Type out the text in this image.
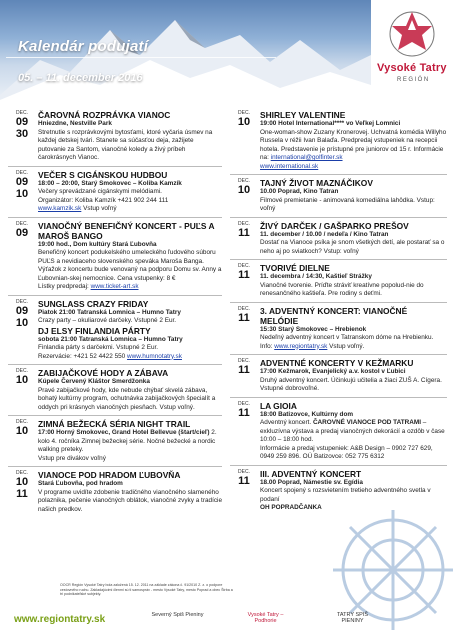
Kalendár podujatí
05. – 11. december 2016
Vysoké Tatry
REGIÓN
DEC.
09
30
ČAROVNÁ ROZPRÁVKA VIANOC
Hniezdne, Nestville Park
Stretnutie s rozprávkovými bytosťami, ktoré vyčaria úsmev na každej detskej tvári. Stanete sa súčasťou deja, zažijete putovanie za Santom, vianočné koledy a živý príbeh čarokrásnych Vianoc.
DEC.
09
10
VEČER S CIGÁNSKOU HUDBOU
18:00 – 20:00, Starý Smokovec – Koliba Kamzík
Večery sprevádzané cigánskymi melódiami.
Organizátor: Koliba Kamzík +421 902 244 111
www.kamzik.sk Vstup voľný
DEC.
09
VIANOČNÝ BENEFIČNÝ KONCERT - PUĽS A MAROŠ BANGO
19:00 hod., Dom kultúry Stará Ľubovňa
Benefičný koncert podukelského umeleckého ľudového súboru PUĽS a nevidiaceho slovenského speváka Maroša Banga. Výťažok z koncertu bude venovaný na podporu Domu sv. Anny a Ľubovnian-skej nemocnice. Cena vstupenky: 8 €
Lístky predpredaj: www.ticket-art.sk
DEC.
09
10
SUNGLASS CRAZY FRIDAY
Piatok 21:00 Tatranská Lomnica – Humno Tatry
Crazy party – okuliarové darčeky. Vstupné 2 Eur.
DJ ELSY FINLANDIA PÁRTY
sobota 21:00 Tatranská Lomnica – Humno Tatry
Finlandia párty s darčekmi. Vstupné 2 Eur.
Rezervácie: +421 52 4422 550 www.humnotatry.sk
DEC.
10
ZABIJAČKOVÉ HODY A ZÁBAVA
Kúpele Červený Kláštor Smerdžonka
Pravé zabijačkové hody, kde nebude chýbať skvelá zábava, bohatý kultúrny program, ochutnávka zabijačkových špecialít a oddych pri krásnych vianočných piesňach. Vstup voľný.
DEC.
10
ZIMNÁ BEŽECKÁ SÉRIA NIGHT TRAIL
17:00 Horný Smokovec, Grand Hotel Bellevue (štart/cieľ) 2. kolo 4. ročníka Zimnej bežeckej série. Nočné bežecké a nordic walking preteky.
Vstup pre divákov voľný
DEC.
10
11
VIANOCE POD HRADOM ĽUBOVŇA
Stará Ľubovňa, pod hradom
V programe uvidíte zdobenie tradičného vianočného slameného polaznika, pečenie vianočných oblátok, vianočné zvyky a tradície našich predkov.
DEC.
10
SHIRLEY VALENTINE
19:00 Hotel International**** vo Veľkej Lomnici
One-woman-show Zuzany Kronerovej. Uchvatná komédia Willyho Russela v réžii Ivan Balaďa. Predpredaj vstupeniek na recepcii hotela. Predstavenie je prístupné pre juniorov od 15 r. Informácie na: international@golfinter.sk
www.international.sk
DEC.
10
TAJNÝ ŽIVOT MAZNÁČIKOV
10.00 Poprad, Kino Tatran
Filmové premietanie - animovaná komediálna lahôdka. Vstup: voľný
DEC.
11
ŽIVÝ DARČEK / GAŠPARKO PREŠOV
11. december / 10.00 / nedeľa / Kino Tatran
Dostať na Vianoce psíka je snom všetkých detí, ale postarať sa o neho aj po sviatkoch? Vstup: voľný
DEC.
11
TVORIVÉ DIELNE
11. decembra / 14:30, Kaštieľ Strážky
Vianočné tvorenie. Príďte stráviť kreatívne popolud-nie do renesančného kaštieľa. Pre rodiny s deťmi.
DEC.
11
3. ADVENTNÝ KONCERT: VIANOČNÉ MELÓDIE
15:30 Starý Smokovec – Hrebienok
Nedeľný adventný koncert v Tatranskom dóme na Hrebienku. Info: www.regiontatry.sk Vstup voľný.
DEC.
11
ADVENTNÉ KONCERTY V KEŽMARKU
17:00 Kežmarok, Evanjelický a.v. kostol v Ľubici
Druhý adventný koncert. Účinkujú učitelia a žiaci ZUŠ A. Cígera. Vstupné dobrovoľné.
DEC.
11
LA GIOIA
18:00 Batizovce, Kultúrny dom
Adventný koncert. ČAROVNÉ VIANOCE POD TATRAMI – exkluzívna výstava a predaj vianočných dekorácií a ozdôb v čase 10:00 – 18:00 hod.
Informácie a predaj vstupeniek: A&B Design – 0902 727 629, 0949 259 896. OÚ Batizovce: 052 775 6312
DEC.
11
III. ADVENTNÝ KONCERT
18.00 Poprad, Námestie sv. Egídia
Koncert spojený s rozsvietením tretieho adventného svetla v podaní
OH POPRADČANKA
OOCR Región Vysoké Tatry bola založená 15. 12. 2011 na základe zákona č. 91/2010 Z. z. o podpore cestovného ruchu. Zakladajúcimi členmi sú ti samospráv - mesto Vysoké Tatry, mesto Poprad a obec Štrba a tri podnikateľské subjekty.
www.regiontatry.sk	Severný Spiš Pieniny	Vysoké Tatry – Podhorie
TATRY SPIŠ PIENINY
